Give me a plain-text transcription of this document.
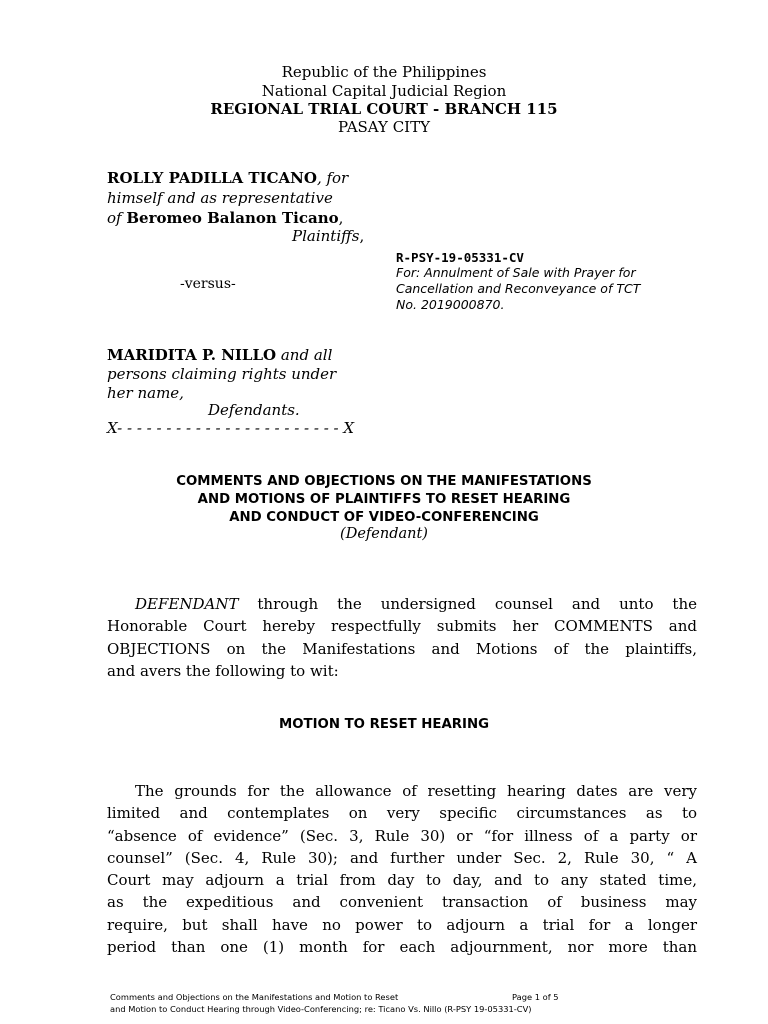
Republic of the Philippines
National Capital Judicial Region
REGIONAL TRIAL COURT - BRANCH 115
PASAY CITY
ROLLY PADILLA TICANO, for
himself and as representative
of Beromeo Balanon Ticano,
Plaintiffs,
R-PSY-19-05331-CV
For: Annulment of Sale with Prayer for
Cancellation and Reconveyance of TCT
No. 2019000870.
-versus-
MARIDITA P. NILLO and all
persons claiming rights under
her name,
Defendants.
X- - - - - - - - - - - - - - - - - - - - - - - X
COMMENTS AND OBJECTIONS ON THE MANIFESTATIONS
AND MOTIONS OF PLAINTIFFS TO RESET HEARING
AND CONDUCT OF VIDEO-CONFERENCING
(Defendant)
DEFENDANT through the undersigned counsel and unto the
Honorable Court hereby respectfully submits her COMMENTS and
OBJECTIONS on the Manifestations and Motions of the plaintiffs,
and avers the following to wit:
MOTION TO RESET HEARING
The grounds for the allowance of resetting hearing dates are very
limited and contemplates on very specific circumstances as to
“absence of evidence” (Sec. 3, Rule 30) or “for illness of a party or
counsel” (Sec. 4, Rule 30); and further under Sec. 2, Rule 30, “ A
Court may adjourn a trial from day to day, and to any stated time,
as the expeditious and convenient transaction of business may
require, but shall have no power to adjourn a trial for a longer
period than one (1) month for each adjournment, nor more than
Comments and Objections on the Manifestations and Motion to Reset	Page 1 of 5
and Motion to Conduct Hearing through Video-Conferencing; re: Ticano Vs. Nillo (R-PSY 19-05331-CV)
